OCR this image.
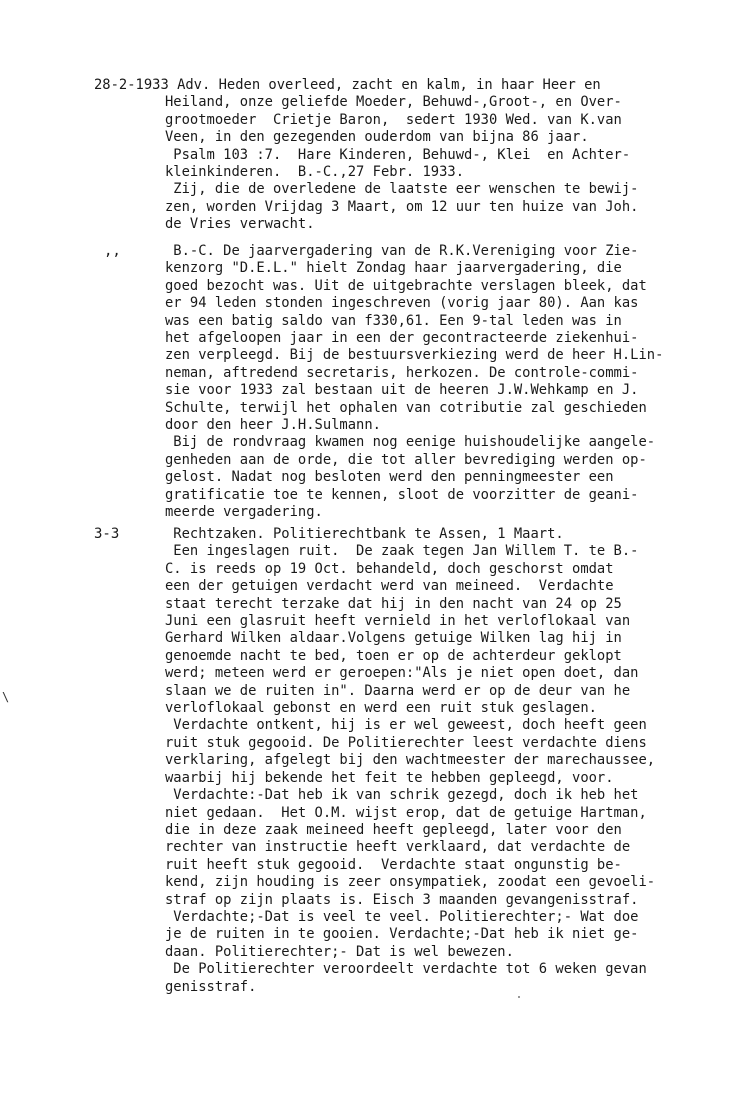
28-2-1933 Adv. Heden overleed, zacht en kalm, in haar Heer en
Heiland, onze geliefde Moeder, Behuwd-,Groot-, en Over-
grootmoeder  Crietje Baron,  sedert 1930 Wed. van K.van
Veen, in den gezegenden ouderdom van bijna 86 jaar.
Psalm 103 :7.  Hare Kinderen, Behuwd-, Klei  en Achter-
kleinkinderen.  B.-C.,27 Febr. 1933.
Zij, die de overledene de laatste eer wenschen te bewij-
zen, worden Vrijdag 3 Maart, om 12 uur ten huize van Joh.
de Vries verwacht.
,,	B.-C. De jaarvergadering van de R.K.Vereniging voor Zie-
kenzorg "D.E.L." hielt Zondag haar jaarvergadering, die
goed bezocht was. Uit de uitgebrachte verslagen bleek, dat
er 94 leden stonden ingeschreven (vorig jaar 80). Aan kas
was een batig saldo van f330,61. Een 9-tal leden was in
het afgeloopen jaar in een der gecontracteerde ziekenhui-
zen verpleegd. Bij de bestuursverkiezing werd de heer H.Lin-
neman, aftredend secretaris, herkozen. De controle-commi-
sie voor 1933 zal bestaan uit de heeren J.W.Wehkamp en J.
Schulte, terwijl het ophalen van cotributie zal geschieden
door den heer J.H.Sulmann.
Bij de rondvraag kwamen nog eenige huishoudelijke aangele-
genheden aan de orde, die tot aller bevrediging werden op-
gelost. Nadat nog besloten werd den penningmeester een
gratificatie toe te kennen, sloot de voorzitter de geani-
meerde vergadering.
3-3	Rechtzaken. Politierechtbank te Assen, 1 Maart.
Een ingeslagen ruit.  De zaak tegen Jan Willem T. te B.-
C. is reeds op 19 Oct. behandeld, doch geschorst omdat
een der getuigen verdacht werd van meineed.  Verdachte
staat terecht terzake dat hij in den nacht van 24 op 25
Juni een glasruit heeft vernield in het verloflokaal van
Gerhard Wilken aldaar.Volgens getuige Wilken lag hij in
genoemde nacht te bed, toen er op de achterdeur geklopt
werd; meteen werd er geroepen:"Als je niet open doet, dan
slaan we de ruiten in". Daarna werd er op de deur van he
verloflokaal gebonst en werd een ruit stuk geslagen.
Verdachte ontkent, hij is er wel geweest, doch heeft geen
ruit stuk gegooid. De Politierechter leest verdachte diens
verklaring, afgelegt bij den wachtmeester der marechaussee,
waarbij hij bekende het feit te hebben gepleegd, voor.
Verdachte:-Dat heb ik van schrik gezegd, doch ik heb het
niet gedaan.  Het O.M. wijst erop, dat de getuige Hartman,
die in deze zaak meineed heeft gepleegd, later voor den
rechter van instructie heeft verklaard, dat verdachte de
ruit heeft stuk gegooid.  Verdachte staat ongunstig be-
kend, zijn houding is zeer onsympatiek, zoodat een gevoeli-
straf op zijn plaats is. Eisch 3 maanden gevangenisstraf.
Verdachte;-Dat is veel te veel. Politierechter;- Wat doe
je de ruiten in te gooien. Verdachte;-Dat heb ik niet ge-
daan. Politierechter;- Dat is wel bewezen.
De Politierechter veroordeelt verdachte tot 6 weken gevan
genisstraf.
\
